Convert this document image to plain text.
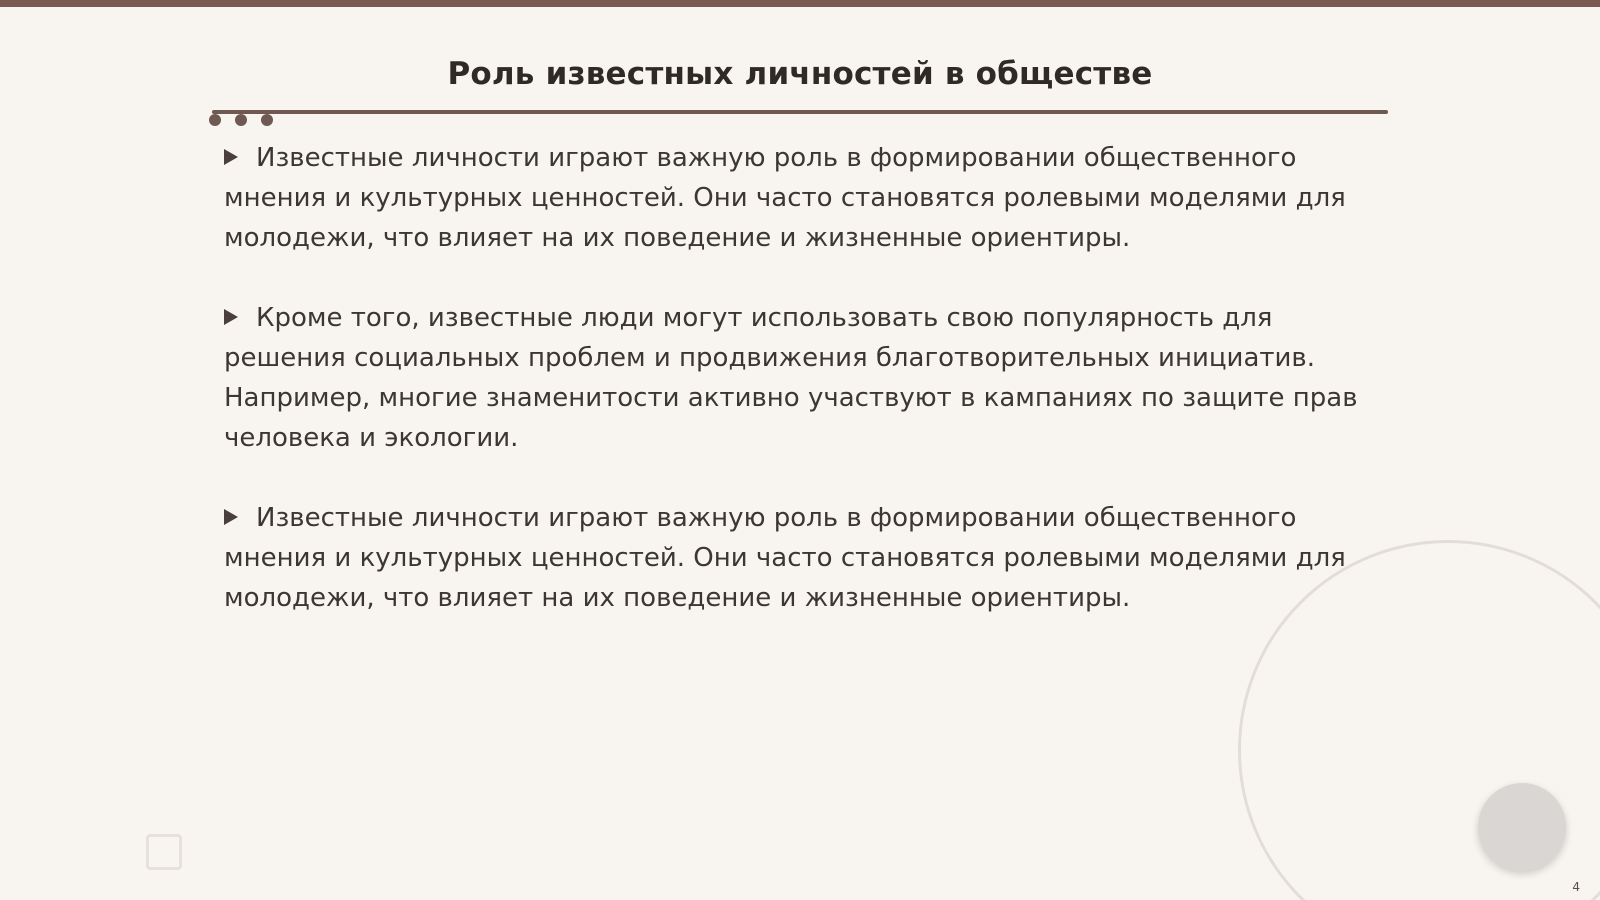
Роль известных личностей в обществе

Известные личности играют важную роль в формировании общественного мнения и культурных ценностей. Они часто становятся ролевыми моделями для молодежи, что влияет на их поведение и жизненные ориентиры.

Кроме того, известные люди могут использовать свою популярность для решения социальных проблем и продвижения благотворительных инициатив. Например, многие знаменитости активно участвуют в кампаниях по защите прав человека и экологии.

Известные личности играют важную роль в формировании общественного мнения и культурных ценностей. Они часто становятся ролевыми моделями для молодежи, что влияет на их поведение и жизненные ориентиры.

4
